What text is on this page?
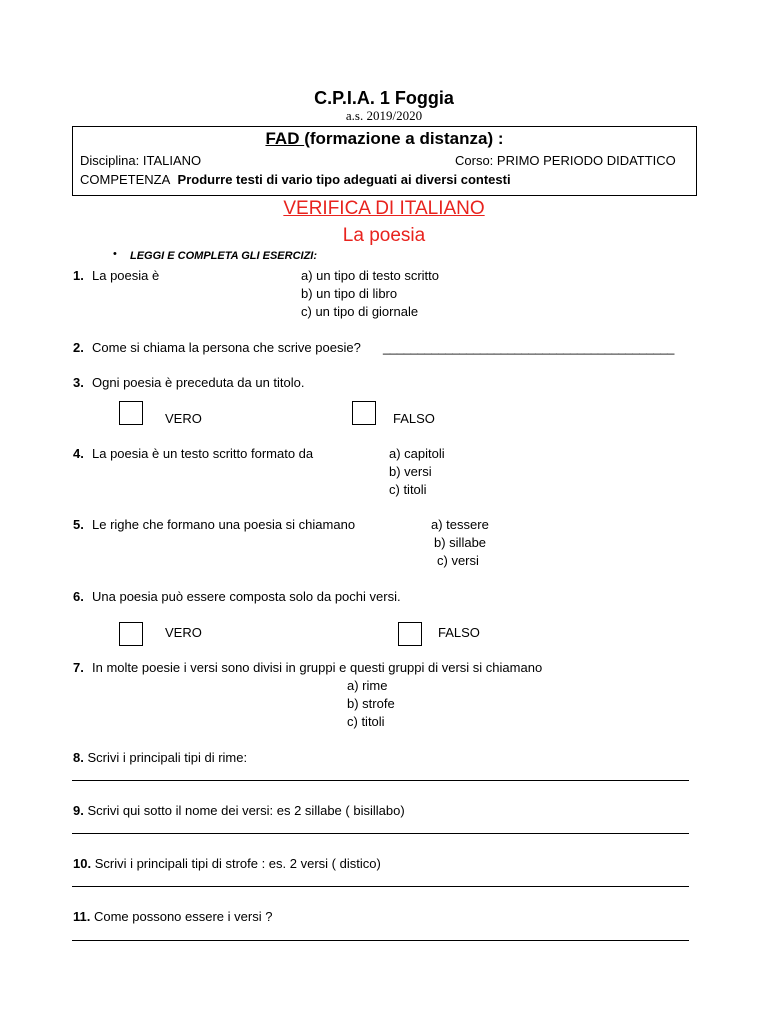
C.P.I.A. 1 Foggia
a.s. 2019/2020
FAD (formazione a distanza) :
Disciplina: ITALIANO	Corso: PRIMO PERIODO DIDATTICO
COMPETENZA Produrre testi di vario tipo adeguati ai diversi contesti
VERIFICA DI ITALIANO
La poesia
• LEGGI E COMPLETA GLI ESERCIZI:
1. La poesia è	a) un tipo di testo scritto
b) un tipo di libro
c) un tipo di giornale
2. Come si chiama la persona che scrive poesie? __________________________________________
3. Ogni poesia è preceduta da un titolo.
VERO	FALSO
4. La poesia è un testo scritto formato da	a) capitoli
b) versi
c) titoli
5. Le righe che formano una poesia si chiamano	a) tessere
b) sillabe
c) versi
6. Una poesia può essere composta solo da pochi versi.
VERO	FALSO
7. In molte poesie i versi sono divisi in gruppi e questi gruppi di versi si chiamano
a) rime
b) strofe
c) titoli
8. Scrivi i principali tipi di rime:
9. Scrivi qui sotto il nome dei versi: es 2 sillabe ( bisillabo)
10. Scrivi i principali tipi di strofe : es. 2 versi ( distico)
11. Come possono essere i versi ?
